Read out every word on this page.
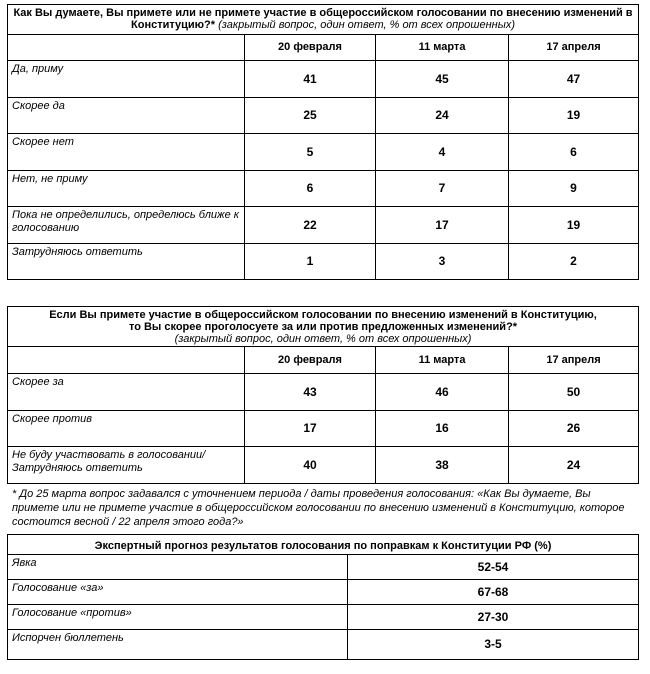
Как Вы думаете, Вы примете или не примете участие в общероссийском голосовании по внесению изменений в Конституцию?* (закрытый вопрос, один ответ, % от всех опрошенных)			
	20 февраля	11 марта	17 апреля
Да, приму	41	45	47
Скорее да	25	24	19
Скорее нет	5	4	6
Нет, не приму	6	7	9
Пока не определились, определюсь ближе к голосованию	22	17	19
Затрудняюсь ответить	1	3	2
Если Вы примете участие в общероссийском голосовании по внесению изменений в Конституцию,
то Вы скорее проголосуете за или против предложенных изменений?*
(закрытый вопрос, один ответ, % от всех опрошенных)			

	20 февраля	11 марта	17 апреля
Скорее за	43	46	50
Скорее против	17	16	26
Не буду участвовать в голосовании/ Затрудняюсь ответить	40	38	24
* До 25 марта вопрос задавался с уточнением периода / даты проведения голосования: «Как Вы думаете, Вы примете или не примете участие в общероссийском голосовании по внесению изменений в Конституцию, которое состоится весной / 22 апреля этого года?»
Экспертный прогноз результатов голосования по поправкам к Конституции РФ (%)	
Явка	52-54
Голосование «за»	67-68
Голосование «против»	27-30
Испорчен бюллетень	3-5
